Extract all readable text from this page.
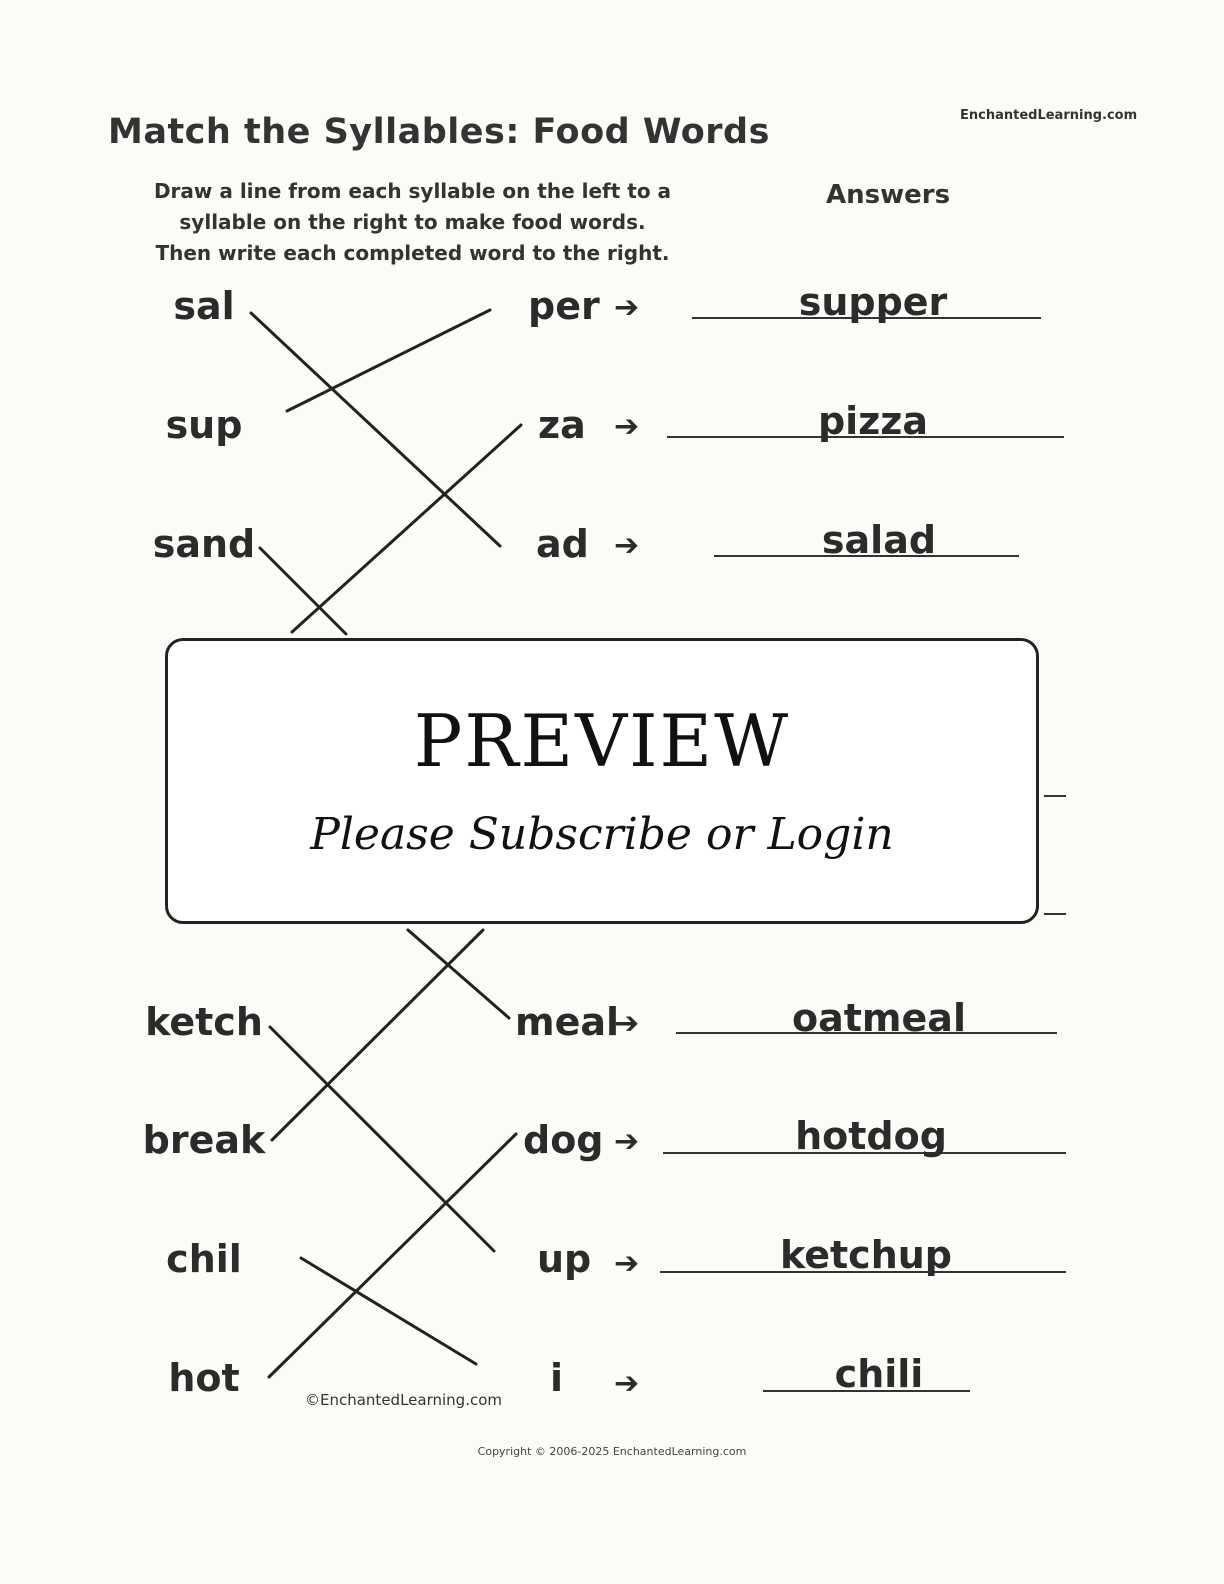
Match the Syllables: Food Words	EnchantedLearning.com
Draw a line from each syllable on the left to a
syllable on the right to make food words.
Then write each completed word to the right.
Answers
sal
sup
sand
ketch
break
chil
hot
per
za
ad
meal
dog
up
i
➔
➔
➔
➔
➔
➔
➔
supper
pizza
salad
oatmeal
hotdog
ketchup
chili
PREVIEW
Please Subscribe or Login
©EnchantedLearning.com
Copyright © 2006-2025 EnchantedLearning.com
